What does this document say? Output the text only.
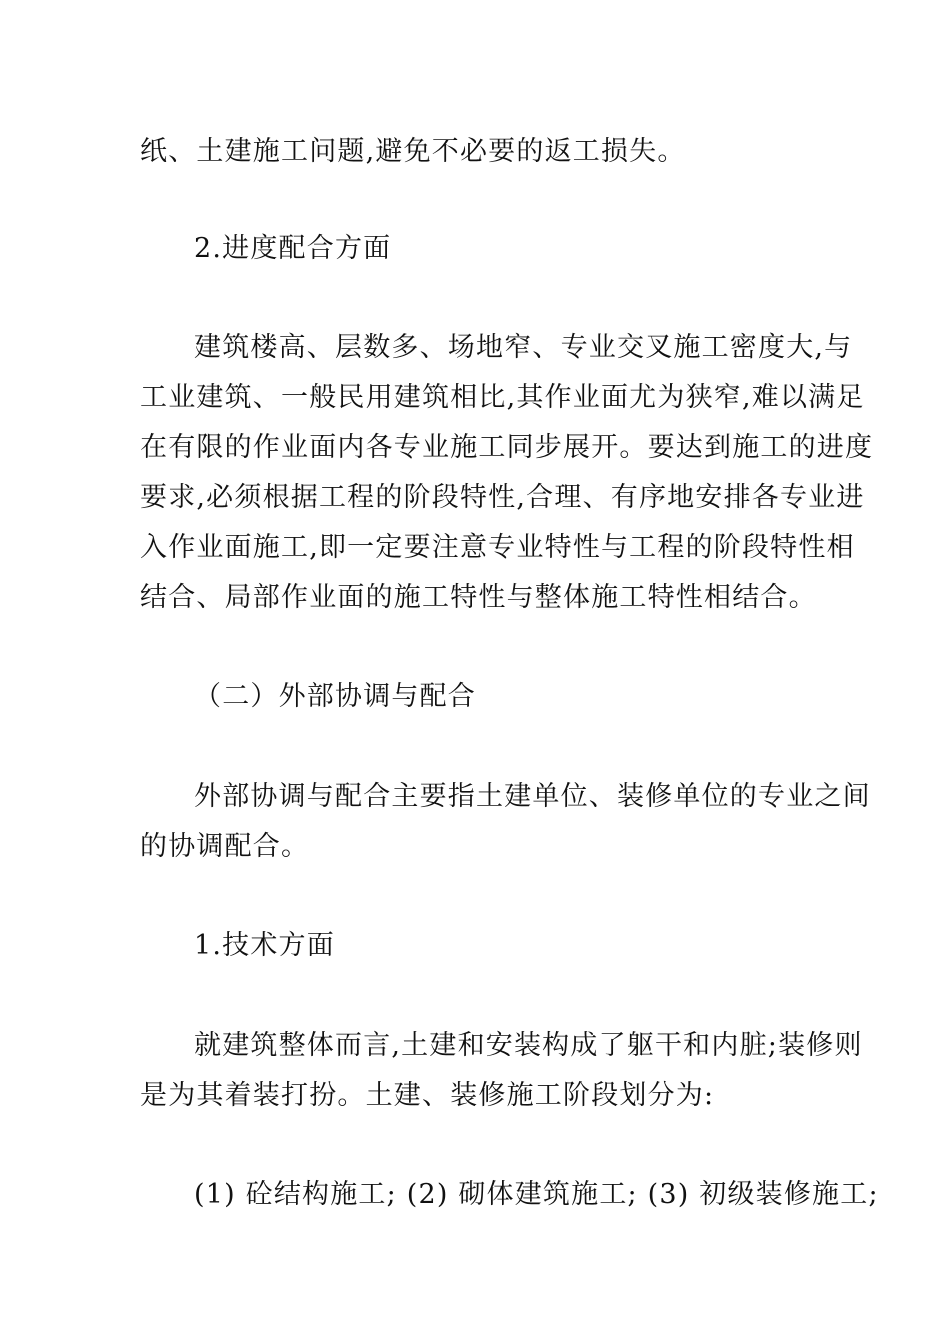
纸、土建施工问题,避免不必要的返工损失。
2.进度配合方面
建筑楼高、层数多、场地窄、专业交叉施工密度大,与
工业建筑、一般民用建筑相比,其作业面尤为狭窄,难以满足
在有限的作业面内各专业施工同步展开。要达到施工的进度
要求,必须根据工程的阶段特性,合理、有序地安排各专业进
入作业面施工,即一定要注意专业特性与工程的阶段特性相
结合、局部作业面的施工特性与整体施工特性相结合。
（二）外部协调与配合
外部协调与配合主要指土建单位、装修单位的专业之间
的协调配合。
1.技术方面
就建筑整体而言,土建和安装构成了躯干和内脏;装修则
是为其着装打扮。土建、装修施工阶段划分为:
(1) 砼结构施工; (2) 砌体建筑施工; (3) 初级装修施工;
